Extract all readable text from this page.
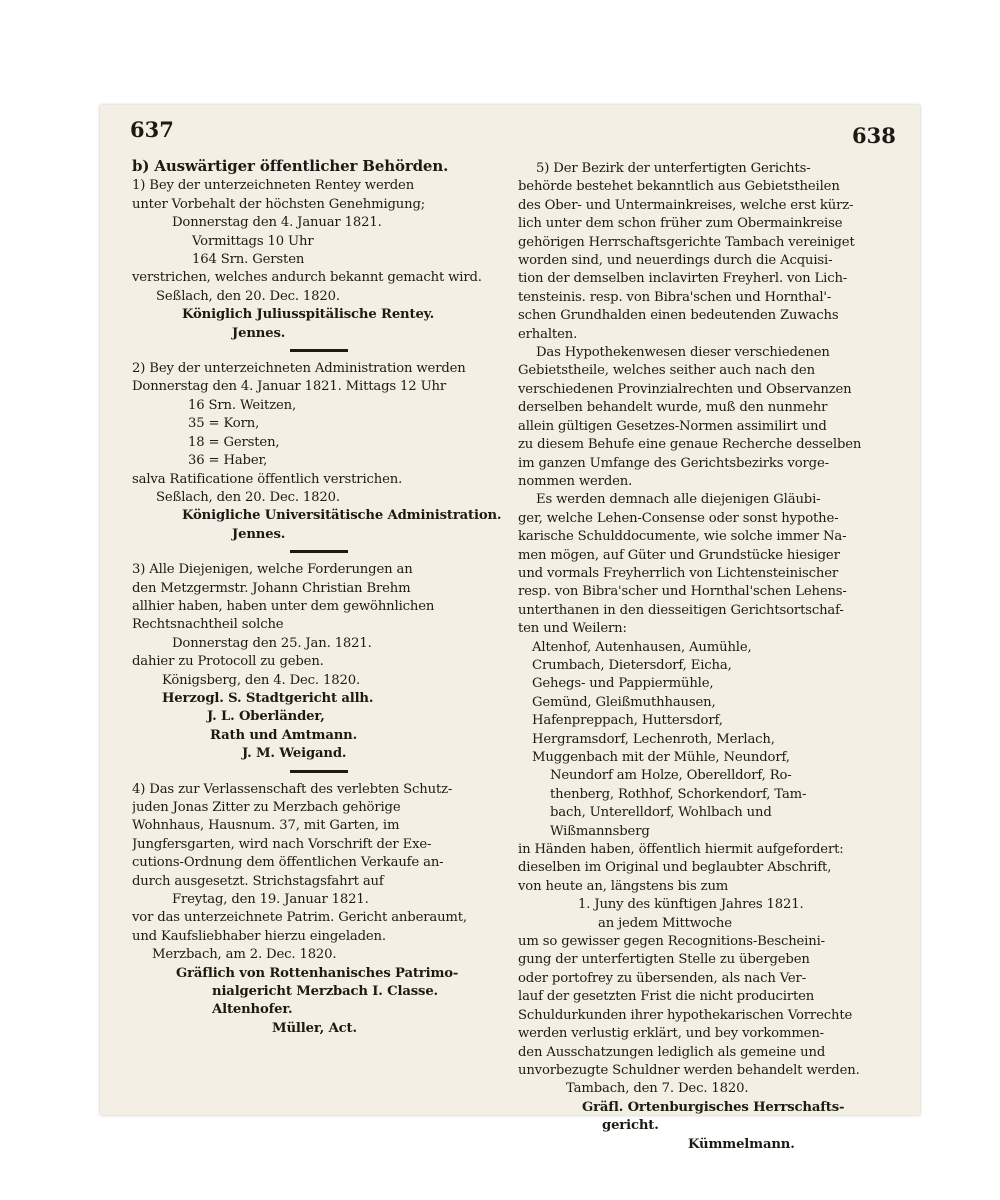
637	638
b) Auswärtiger öffentlicher Behörden.
1) Bey der unterzeichneten Rentey werden
unter Vorbehalt der höchsten Genehmigung;
Donnerstag den 4. Januar 1821.
Vormittags 10 Uhr
164 Srn. Gersten
verstrichen, welches andurch bekannt gemacht wird.
Seßlach, den 20. Dec. 1820.
Königlich Juliusspitälische Rentey.
Jennes.
2) Bey der unterzeichneten Administration werden
Donnerstag den 4. Januar 1821. Mittags 12 Uhr
16 Srn. Weitzen,
35 = Korn,
18 = Gersten,
36 = Haber,
salva Ratificatione öffentlich verstrichen.
Seßlach, den 20. Dec. 1820.
Königliche Universitätische Administration.
Jennes.
3) Alle Diejenigen, welche Forderungen an
den Metzgermstr. Johann Christian Brehm
allhier haben, haben unter dem gewöhnlichen
Rechtsnachtheil solche
Donnerstag den 25. Jan. 1821.
dahier zu Protocoll zu geben.
Königsberg, den 4. Dec. 1820.
Herzogl. S. Stadtgericht allh.
J. L. Oberländer,
Rath und Amtmann.
J. M. Weigand.
4) Das zur Verlassenschaft des verlebten Schutz-
juden Jonas Zitter zu Merzbach gehörige
Wohnhaus, Hausnum. 37, mit Garten, im
Jungfersgarten, wird nach Vorschrift der Exe-
cutions-Ordnung dem öffentlichen Verkaufe an-
durch ausgesetzt. Strichstagsfahrt auf
Freytag, den 19. Januar 1821.
vor das unterzeichnete Patrim. Gericht anberaumt,
und Kaufsliebhaber hierzu eingeladen.
Merzbach, am 2. Dec. 1820.
Gräflich von Rottenhanisches Patrimo-
nialgericht Merzbach I. Classe.
Altenhofer.
Müller, Act.
5) Der Bezirk der unterfertigten Gerichts-
behörde bestehet bekanntlich aus Gebietstheilen
des Ober- und Untermainkreises, welche erst kürz-
lich unter dem schon früher zum Obermainkreise
gehörigen Herrschaftsgerichte Tambach vereiniget
worden sind, und neuerdings durch die Acquisi-
tion der demselben inclavirten Freyherl. von Lich-
tensteinis. resp. von Bibra'schen und Hornthal'-
schen Grundhalden einen bedeutenden Zuwachs
erhalten.
Das Hypothekenwesen dieser verschiedenen
Gebietstheile, welches seither auch nach den
verschiedenen Provinzialrechten und Observanzen
derselben behandelt wurde, muß den nunmehr
allein gültigen Gesetzes-Normen assimilirt und
zu diesem Behufe eine genaue Recherche desselben
im ganzen Umfange des Gerichtsbezirks vorge-
nommen werden.
Es werden demnach alle diejenigen Gläubi-
ger, welche Lehen-Consense oder sonst hypothe-
karische Schulddocumente, wie solche immer Na-
men mögen, auf Güter und Grundstücke hiesiger
und vormals Freyherrlich von Lichtensteinischer
resp. von Bibra'scher und Hornthal'schen Lehens-
unterthanen in den diesseitigen Gerichtsortschaf-
ten und Weilern:
Altenhof, Autenhausen, Aumühle,
Crumbach, Dietersdorf, Eicha,
Gehegs- und Pappiermühle,
Gemünd, Gleißmuthhausen,
Hafenpreppach, Huttersdorf,
Hergramsdorf, Lechenroth, Merlach,
Muggenbach mit der Mühle, Neundorf,
Neundorf am Holze, Oberelldorf, Ro-
thenberg, Rothhof, Schorkendorf, Tam-
bach, Unterelldorf, Wohlbach und
Wißmannsberg
in Händen haben, öffentlich hiermit aufgefordert:
dieselben im Original und beglaubter Abschrift,
von heute an, längstens bis zum
1. Juny des künftigen Jahres 1821.
an jedem Mittwoche
um so gewisser gegen Recognitions-Bescheini-
gung der unterfertigten Stelle zu übergeben
oder portofrey zu übersenden, als nach Ver-
lauf der gesetzten Frist die nicht producirten
Schuldurkunden ihrer hypothekarischen Vorrechte
werden verlustig erklärt, und bey vorkommen-
den Ausschatzungen lediglich als gemeine und
unvorbezugte Schuldner werden behandelt werden.
Tambach, den 7. Dec. 1820.
Gräfl. Ortenburgisches Herrschafts-
gericht.
Kümmelmann.
